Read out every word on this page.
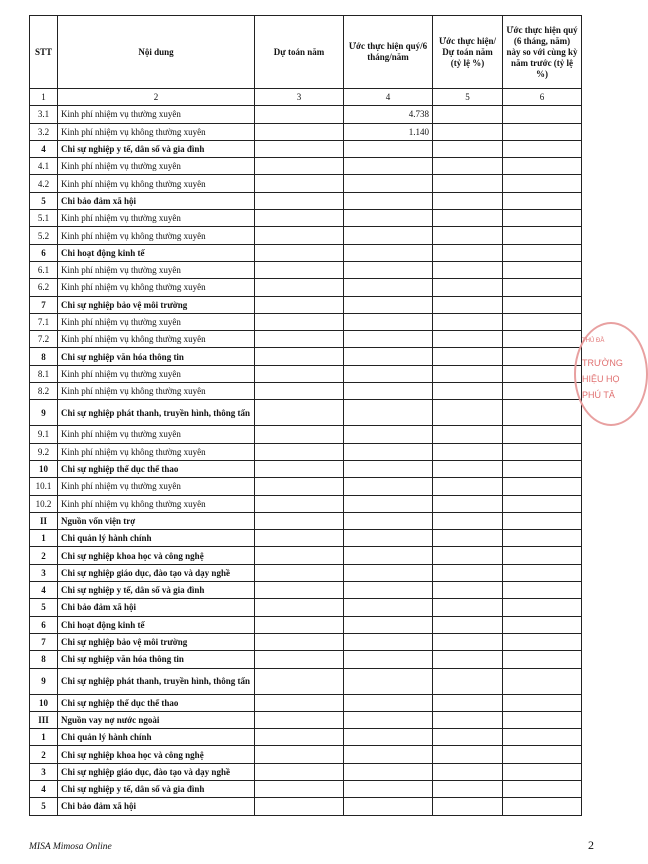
STT	Nội dung	Dự toán năm	Ước thực hiện quý/6 tháng/năm	Ước thực hiện/ Dự toán năm (tỷ lệ %)	Ước thực hiện quý (6 tháng, năm) này so với cùng kỳ năm trước (tỷ lệ %)
1	2	3	4	5	6
3.1	Kinh phí nhiệm vụ thường xuyên		4.738		
3.2	Kinh phí nhiệm vụ không thường xuyên		1.140		
4	Chi sự nghiệp y tế, dân số và gia đình				
4.1	Kinh phí nhiệm vụ thường xuyên				
4.2	Kinh phí nhiệm vụ không thường xuyên				
5	Chi bảo đảm xã hội				
5.1	Kinh phí nhiệm vụ thường xuyên				
5.2	Kinh phí nhiệm vụ không thường xuyên				
6	Chi hoạt động kinh tế				
6.1	Kinh phí nhiệm vụ thường xuyên				
6.2	Kinh phí nhiệm vụ không thường xuyên				
7	Chi sự nghiệp bảo vệ môi trường				
7.1	Kinh phí nhiệm vụ thường xuyên				
7.2	Kinh phí nhiệm vụ không thường xuyên				
8	Chi sự nghiệp văn hóa thông tin				
8.1	Kinh phí nhiệm vụ thường xuyên				
8.2	Kinh phí nhiệm vụ không thường xuyên				
9	Chi sự nghiệp phát thanh, truyền hình, thông tấn				
9.1	Kinh phí nhiệm vụ thường xuyên				
9.2	Kinh phí nhiệm vụ không thường xuyên				
10	Chi sự nghiệp thể dục thể thao				
10.1	Kinh phí nhiệm vụ thường xuyên				
10.2	Kinh phí nhiệm vụ không thường xuyên				
II	Nguồn vốn viện trợ				
1	Chi quản lý hành chính				
2	Chi sự nghiệp khoa học và công nghệ				
3	Chi sự nghiệp giáo dục, đào tạo và dạy nghề				
4	Chi sự nghiệp y tế, dân số và gia đình				
5	Chi bảo đảm xã hội				
6	Chi hoạt động kinh tế				
7	Chi sự nghiệp bảo vệ môi trường				
8	Chi sự nghiệp văn hóa thông tin				
9	Chi sự nghiệp phát thanh, truyền hình, thông tấn				
10	Chi sự nghiệp thể dục thể thao				
III	Nguồn vay nợ nước ngoài				
1	Chi quản lý hành chính				
2	Chi sự nghiệp khoa học và công nghệ				
3	Chi sự nghiệp giáo dục, đào tạo và dạy nghề				
4	Chi sự nghiệp y tế, dân số và gia đình				
5	Chi bảo đảm xã hội				
THỦ ĐẦ
TRƯỜNG
HIỆU HỌ
PHÚ TÂ
MISA Mimosa Online	2
